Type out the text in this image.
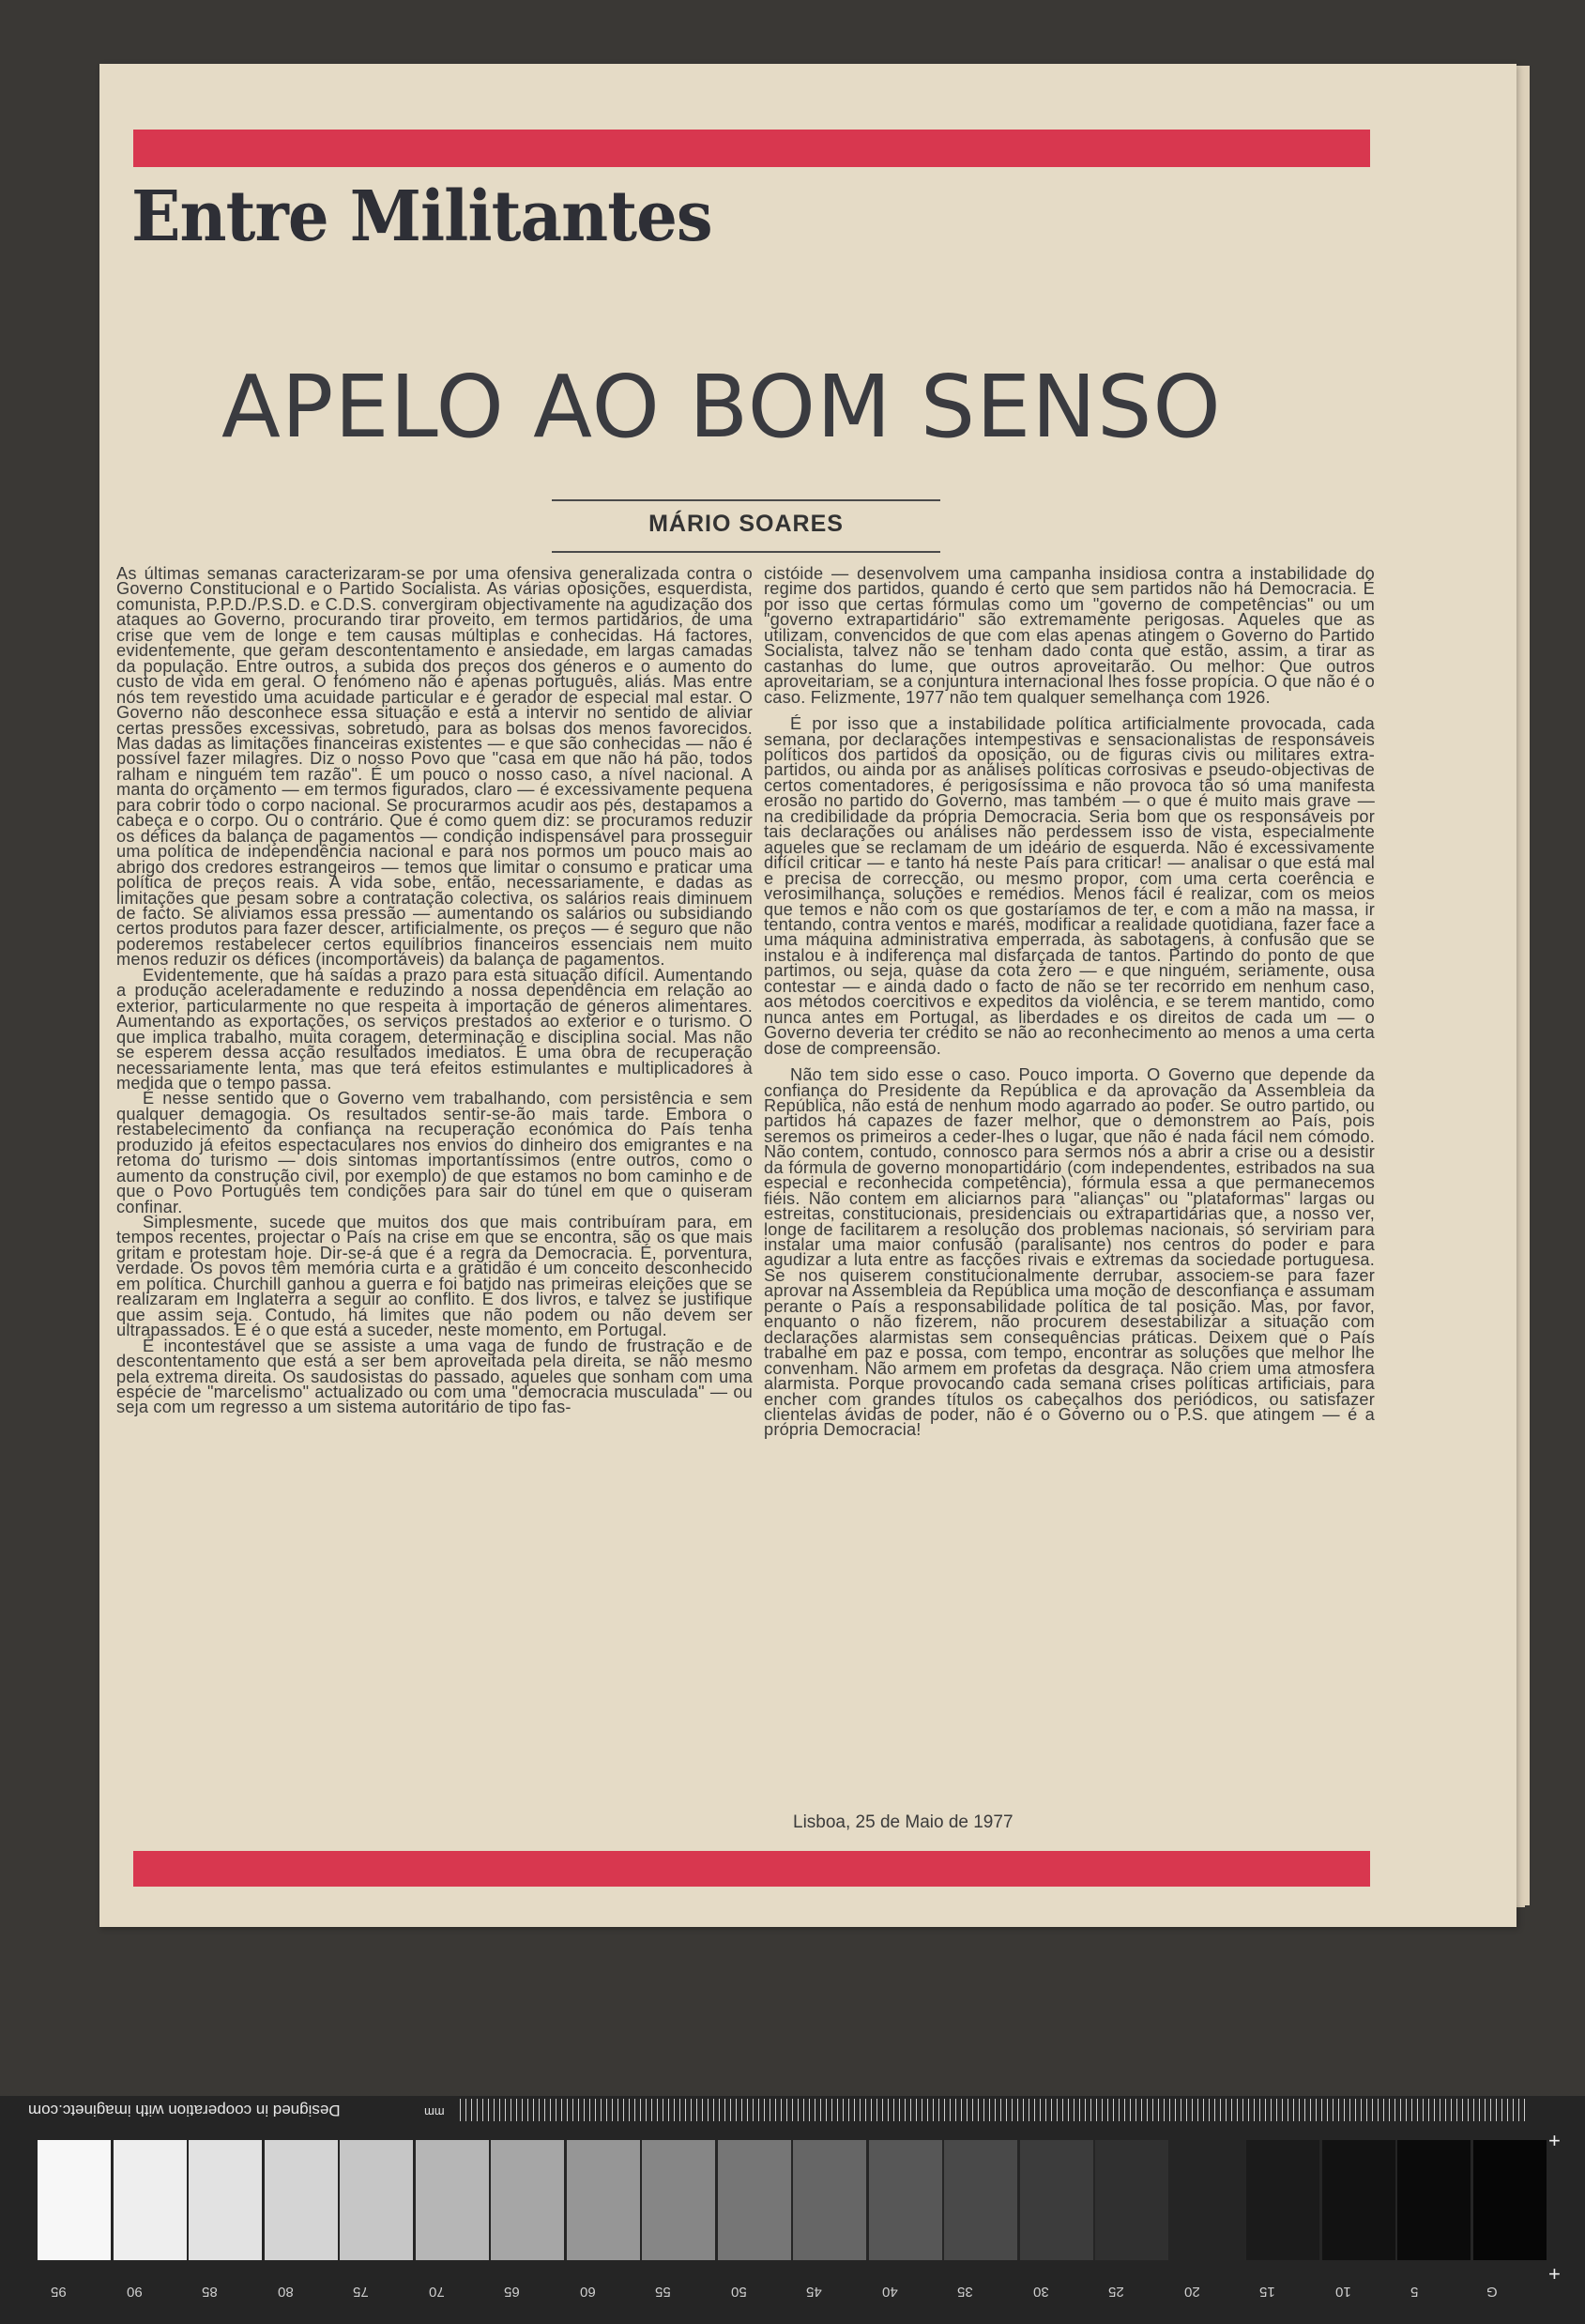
Entre Militantes
APELO AO BOM SENSO
MÁRIO SOARES

As últimas semanas caracterizaram-se por uma ofensiva generalizada contra o Governo Constitucional e o Partido Socialista. As várias oposições, esquerdista, comunista, P.P.D./P.S.D. e C.D.S. convergiram objectivamente na agudização dos ataques ao Governo, procurando tirar proveito, em termos partidários, de uma crise que vem de longe e tem causas múltiplas e conhecidas. Há factores, evidentemente, que geram descontentamento e ansiedade, em largas camadas da população. Entre outros, a subida dos preços dos géneros e o aumento do custo de vida em geral. O fenómeno não é apenas português, aliás. Mas entre nós tem revestido uma acuidade particular e é gerador de especial mal estar. O Governo não desconhece essa situação e está a intervir no sentido de aliviar certas pressões excessivas, sobretudo, para as bolsas dos menos favorecidos. Mas dadas as limitações financeiras existentes — e que são conhecidas — não é possível fazer milagres. Diz o nosso Povo que "casa em que não há pão, todos ralham e ninguém tem razão". É um pouco o nosso caso, a nível nacional. A manta do orçamento — em termos figurados, claro — é excessivamente pequena para cobrir todo o corpo nacional. Se procurarmos acudir aos pés, destapamos a cabeça e o corpo. Ou o contrário. Que é como quem diz: se procuramos reduzir os défices da balança de pagamentos — condição indispensável para prosseguir uma política de independência nacional e para nos pormos um pouco mais ao abrigo dos credores estrangeiros — temos que limitar o consumo e praticar uma política de preços reais. A vida sobe, então, necessariamente, e dadas as limitações que pesam sobre a contratação colectiva, os salários reais diminuem de facto. Se aliviamos essa pressão — aumentando os salários ou subsidiando certos produtos para fazer descer, artificialmente, os preços — é seguro que não poderemos restabelecer certos equilíbrios financeiros essenciais nem muito menos reduzir os défices (incomportáveis) da balança de pagamentos.

Evidentemente, que há saídas a prazo para esta situação difícil. Aumentando a produção aceleradamente e reduzindo a nossa dependência em relação ao exterior, particularmente no que respeita à importação de géneros alimentares. Aumentando as exportações, os serviços prestados ao exterior e o turismo. O que implica trabalho, muita coragem, determinação e disciplina social. Mas não se esperem dessa acção resultados imediatos. É uma obra de recuperação necessariamente lenta, mas que terá efeitos estimulantes e multiplicadores à medida que o tempo passa.

É nesse sentido que o Governo vem trabalhando, com persistência e sem qualquer demagogia. Os resultados sentir-se-ão mais tarde. Embora o restabelecimento da confiança na recuperação económica do País tenha produzido já efeitos espectaculares nos envios do dinheiro dos emigrantes e na retoma do turismo — dois sintomas importantíssimos (entre outros, como o aumento da construção civil, por exemplo) de que estamos no bom caminho e de que o Povo Português tem condições para sair do túnel em que o quiseram confinar.

Simplesmente, sucede que muitos dos que mais contribuíram para, em tempos recentes, projectar o País na crise em que se encontra, são os que mais gritam e protestam hoje. Dir-se-á que é a regra da Democracia. É, porventura, verdade. Os povos têm memória curta e a gratidão é um conceito desconhecido em política. Churchill ganhou a guerra e foi batido nas primeiras eleições que se realizaram em Inglaterra a seguir ao conflito. É dos livros, e talvez se justifique que assim seja. Contudo, há limites que não podem ou não devem ser ultrapassados. E é o que está a suceder, neste momento, em Portugal.

É incontestável que se assiste a uma vaga de fundo de frustração e de descontentamento que está a ser bem aproveitada pela direita, se não mesmo pela extrema direita. Os saudosistas do passado, aqueles que sonham com uma espécie de "marcelismo" actualizado ou com uma "democracia musculada" — ou seja com um regresso a um sistema autoritário de tipo fas-

cistóide — desenvolvem uma campanha insidiosa contra a instabilidade do regime dos partidos, quando é certo que sem partidos não há Democracia. É por isso que certas fórmulas como um "governo de competências" ou um "governo extrapartidário" são extremamente perigosas. Aqueles que as utilizam, convencidos de que com elas apenas atingem o Governo do Partido Socialista, talvez não se tenham dado conta que estão, assim, a tirar as castanhas do lume, que outros aproveitarão. Ou melhor: Que outros aproveitariam, se a conjuntura internacional lhes fosse propícia. O que não é o caso. Felizmente, 1977 não tem qualquer semelhança com 1926.

É por isso que a instabilidade política artificialmente provocada, cada semana, por declarações intempestivas e sensacionalistas de responsáveis políticos dos partidos da oposição, ou de figuras civis ou militares extra-partidos, ou ainda por as análises políticas corrosivas e pseudo-objectivas de certos comentadores, é perigosíssima e não provoca tão só uma manifesta erosão no partido do Governo, mas também — o que é muito mais grave — na credibilidade da própria Democracia. Seria bom que os responsáveis por tais declarações ou análises não perdessem isso de vista, especialmente aqueles que se reclamam de um ideário de esquerda. Não é excessivamente difícil criticar — e tanto há neste País para criticar! — analisar o que está mal e precisa de correcção, ou mesmo propor, com uma certa coerência e verosimilhança, soluções e remédios. Menos fácil é realizar, com os meios que temos e não com os que gostaríamos de ter, e com a mão na massa, ir tentando, contra ventos e marés, modificar a realidade quotidiana, fazer face a uma máquina administrativa emperrada, às sabotagens, à confusão que se instalou e à indiferença mal disfarçada de tantos. Partindo do ponto de que partimos, ou seja, quase da cota zero — e que ninguém, seriamente, ousa contestar — e ainda dado o facto de não se ter recorrido em nenhum caso, aos métodos coercitivos e expeditos da violência, e se terem mantido, como nunca antes em Portugal, as liberdades e os direitos de cada um — o Governo deveria ter crédito se não ao reconhecimento ao menos a uma certa dose de compreensão.

Não tem sido esse o caso. Pouco importa. O Governo que depende da confiança do Presidente da República e da aprovação da Assembleia da República, não está de nenhum modo agarrado ao poder. Se outro partido, ou partidos há capazes de fazer melhor, que o demonstrem ao País, pois seremos os primeiros a ceder-lhes o lugar, que não é nada fácil nem cómodo. Não contem, contudo, connosco para sermos nós a abrir a crise ou a desistir da fórmula de governo monopartidário (com independentes, estribados na sua especial e reconhecida competência), fórmula essa a que permanecemos fiéis. Não contem em aliciarnos para "alianças" ou "plataformas" largas ou estreitas, constitucionais, presidenciais ou extrapartidárias que, a nosso ver, longe de facilitarem a resolução dos problemas nacionais, só serviriam para instalar uma maior confusão (paralisante) nos centros do poder e para agudizar a luta entre as facções rivais e extremas da sociedade portuguesa. Se nos quiserem constitucionalmente derrubar, associem-se para fazer aprovar na Assembleia da República uma moção de desconfiança e assumam perante o País a responsabilidade política de tal posição. Mas, por favor, enquanto o não fizerem, não procurem desestabilizar a situação com declarações alarmistas sem consequências práticas. Deixem que o País trabalhe em paz e possa, com tempo, encontrar as soluções que melhor lhe convenham. Não armem em profetas da desgraça. Não criem uma atmosfera alarmista. Porque provocando cada semana crises políticas artificiais, para encher com grandes títulos os cabeçalhos dos periódicos, ou satisfazer clientelas ávidas de poder, não é o Governo ou o P.S. que atingem — é a própria Democracia!

Lisboa, 25 de Maio de 1977
Designed in cooperation with imaginetc.com	mm
+
+
95	90	85	80	75	70	65	60	55	50	45	40	35	30	25	20	15	10	5	G
